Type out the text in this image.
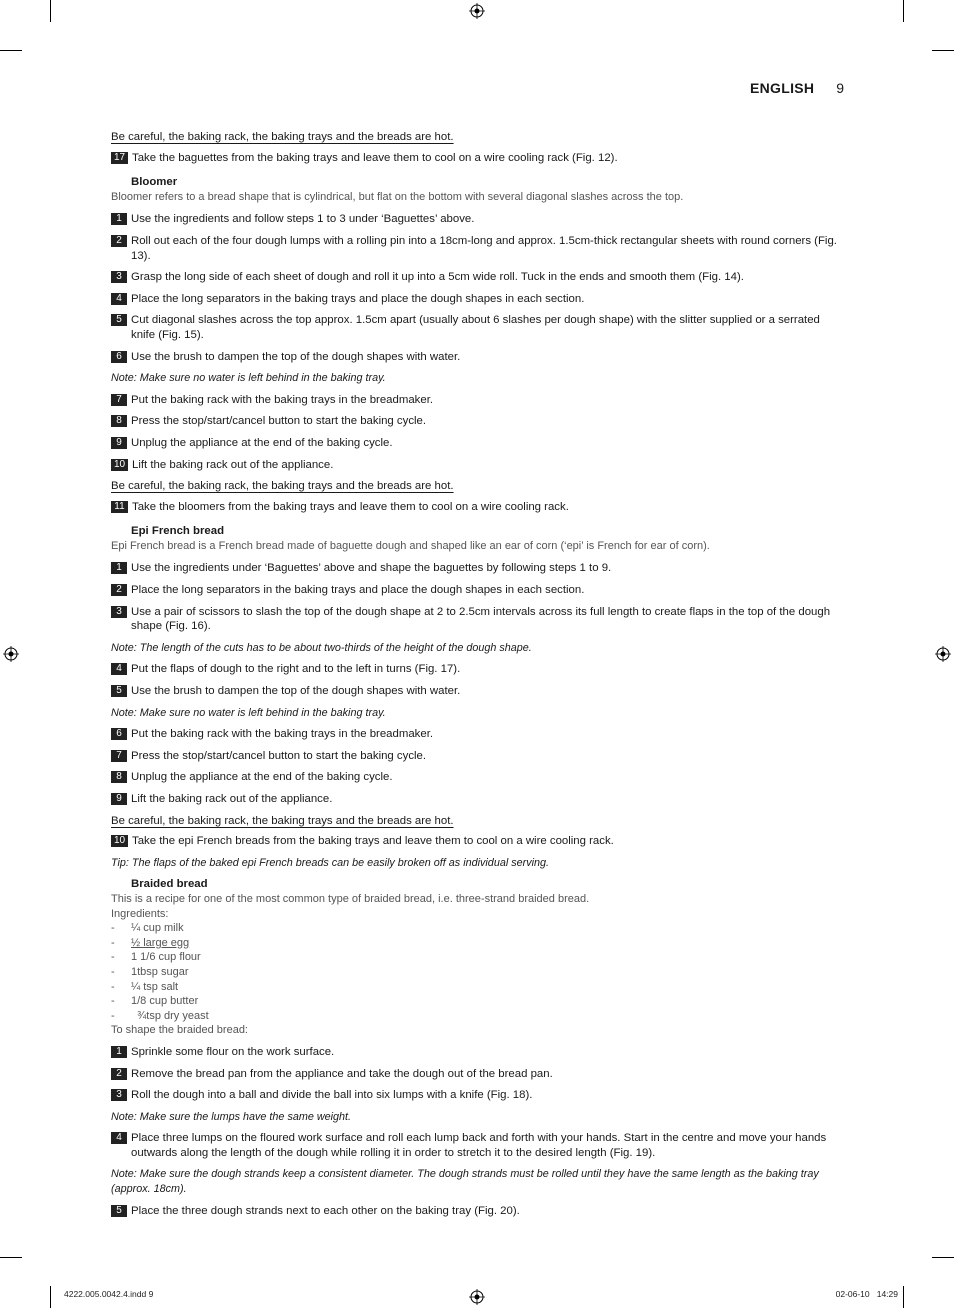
ENGLISH 9

Be careful, the baking rack, the baking trays and the breads are hot.

17 Take the baguettes from the baking trays and leave them to cool on a wire cooling rack (Fig. 12).
Bloomer

Bloomer refers to a bread shape that is cylindrical, but flat on the bottom with several diagonal slashes across the top.

1 Use the ingredients and follow steps 1 to 3 under ‘Baguettes’ above.
2 Roll out each of the four dough lumps with a rolling pin into a 18cm-long and approx. 1.5cm-thick rectangular sheets with round corners (Fig. 13).
3 Grasp the long side of each sheet of dough and roll it up into a 5cm wide roll. Tuck in the ends and smooth them (Fig. 14).
4 Place the long separators in the baking trays and place the dough shapes in each section.
5 Cut diagonal slashes across the top approx. 1.5cm apart (usually about 6 slashes per dough shape) with the slitter supplied or a serrated knife (Fig. 15).
6 Use the brush to dampen the top of the dough shapes with water.

Note: Make sure no water is left behind in the baking tray.

7 Put the baking rack with the baking trays in the breadmaker.
8 Press the stop/start/cancel button to start the baking cycle.
9 Unplug the appliance at the end of the baking cycle.
10 Lift the baking rack out of the appliance.

Be careful, the baking rack, the baking trays and the breads are hot.

11 Take the bloomers from the baking trays and leave them to cool on a wire cooling rack.
Epi French bread

Epi French bread is a French bread made of baguette dough and shaped like an ear of corn (‘epi’ is French for ear of corn).

1 Use the ingredients under ‘Baguettes’ above and shape the baguettes by following steps 1 to 9.
2 Place the long separators in the baking trays and place the dough shapes in each section.
3 Use a pair of scissors to slash the top of the dough shape at 2 to 2.5cm intervals across its full length to create flaps in the top of the dough shape (Fig. 16).

Note: The length of the cuts has to be about two-thirds of the height of the dough shape.

4 Put the flaps of dough to the right and to the left in turns (Fig. 17).
5 Use the brush to dampen the top of the dough shapes with water.

Note: Make sure no water is left behind in the baking tray.

6 Put the baking rack with the baking trays in the breadmaker.
7 Press the stop/start/cancel button to start the baking cycle.
8 Unplug the appliance at the end of the baking cycle.
9 Lift the baking rack out of the appliance.

Be careful, the baking rack, the baking trays and the breads are hot.

10 Take the epi French breads from the baking trays and leave them to cool on a wire cooling rack.

Tip: The flaps of the baked epi French breads can be easily broken off as individual serving.

Braided bread

This is a recipe for one of the most common type of braided bread, i.e. three-strand braided bread.

Ingredients:

-	¼ cup milk
-	½ large egg
-	1 1/6 cup flour
-	1tbsp sugar
-	¼ tsp salt
-	1/8 cup butter
-	¾tsp dry yeast

To shape the braided bread:

1 Sprinkle some flour on the work surface.
2 Remove the bread pan from the appliance and take the dough out of the bread pan.
3 Roll the dough into a ball and divide the ball into six lumps with a knife (Fig. 18).

Note: Make sure the lumps have the same weight.

4 Place three lumps on the floured work surface and roll each lump back and forth with your hands. Start in the centre and move your hands outwards along the length of the dough while rolling it in order to stretch it to the desired length (Fig. 19).

Note: Make sure the dough strands keep a consistent diameter. The dough strands must be rolled until they have the same length as the baking tray (approx. 18cm).

5 Place the three dough strands next to each other on the baking tray (Fig. 20).
4222.005.0042.4.indd 9	02-06-10   14:29
